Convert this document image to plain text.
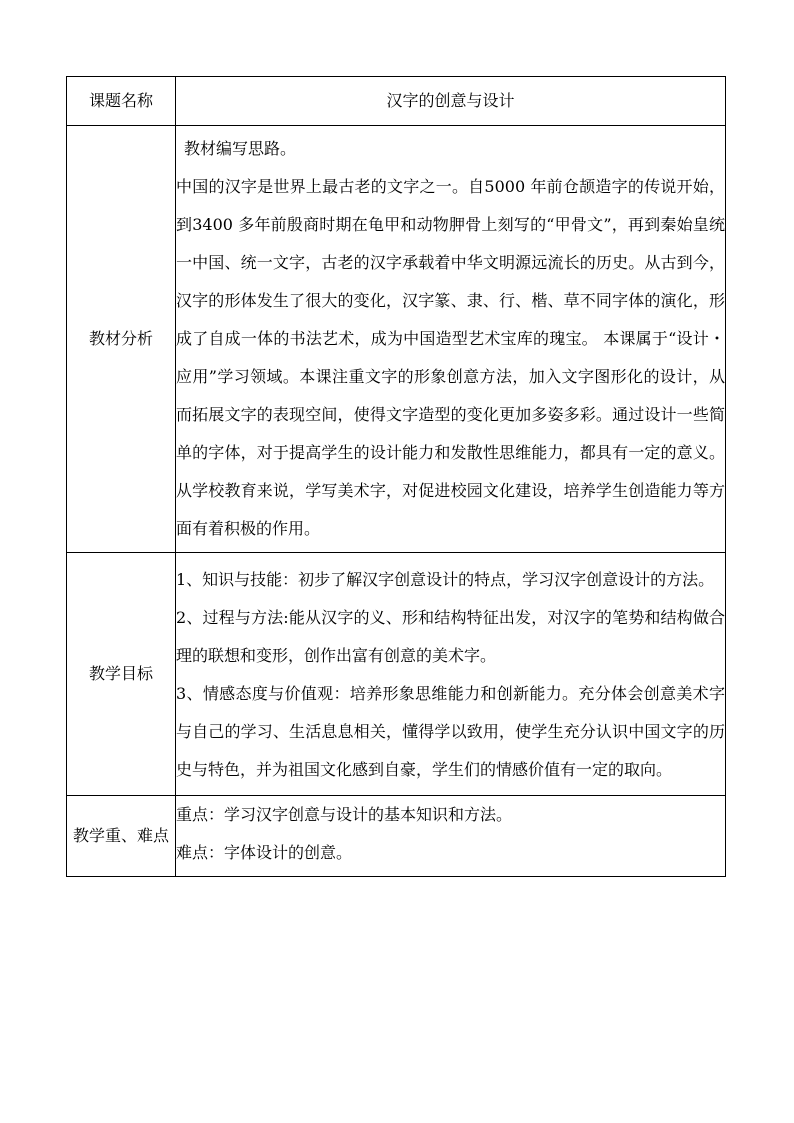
课题名称	汉字的创意与设计
教材分析	教材编写思路。

中国的汉字是世界上最古老的文字之一。自5000 年前仓颉造字的传说开始，到3400 多年前殷商时期在龟甲和动物胛骨上刻写的“甲骨文”，再到秦始皇统一中国、统一文字，古老的汉字承载着中华文明源远流长的历史。从古到今，汉字的形体发生了很大的变化，汉字篆、隶、行、楷、草不同字体的演化，形成了自成一体的书法艺术，成为中国造型艺术宝库的瑰宝。 本课属于“设计・应用”学习领域。本课注重文字的形象创意方法，加入文字图形化的设计，从而拓展文字的表现空间，使得文字造型的变化更加多姿多彩。通过设计一些简单的字体，对于提高学生的设计能力和发散性思维能力，都具有一定的意义。从学校教育来说，学写美术字，对促进校园文化建设，培养学生创造能力等方面有着积极的作用。

教学目标	1、知识与技能：初步了解汉字创意设计的特点，学习汉字创意设计的方法。

2、过程与方法:能从汉字的义、形和结构特征出发，对汉字的笔势和结构做合理的联想和变形，创作出富有创意的美术字。

3、情感态度与价值观：培养形象思维能力和创新能力。充分体会创意美术字与自己的学习、生活息息相关，懂得学以致用，使学生充分认识中国文字的历史与特色，并为祖国文化感到自豪，学生们的情感价值有一定的取向。

教学重、难点	重点：学习汉字创意与设计的基本知识和方法。

难点：字体设计的创意。
